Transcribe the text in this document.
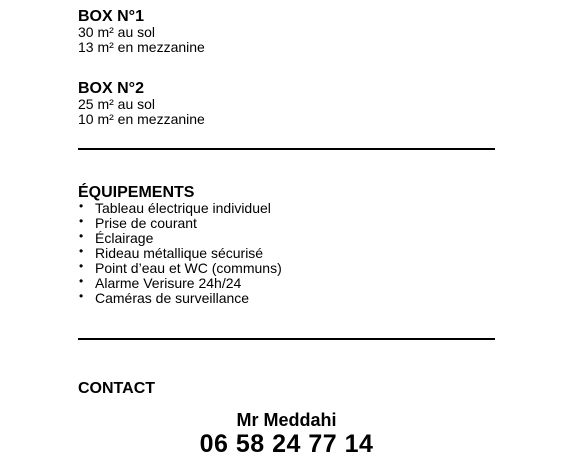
BOX N°1
30 m² au sol
13 m² en mezzanine
BOX N°2
25 m² au sol
10 m² en mezzanine
ÉQUIPEMENTS
• Tableau électrique individuel
• Prise de courant
• Éclairage
• Rideau métallique sécurisé
• Point d’eau et WC (communs)
• Alarme Verisure 24h/24
• Caméras de surveillance
CONTACT
Mr Meddahi
06 58 24 77 14
